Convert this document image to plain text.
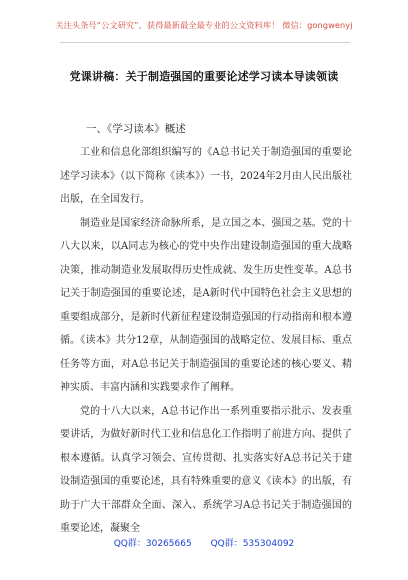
关注头条号“公文研究”，获得最新最全最专业的公文资料库！ 微信：gongwenyj
党课讲稿：关于制造强国的重要论述学习读本导读领读
一、《学习读本》概述

工业和信息化部组织编写的《A总书记关于制造强国的重要论述学习读本》（以下简称《读本》）一书，2024年2月由人民出版社出版，在全国发行。

制造业是国家经济命脉所系，是立国之本、强国之基。党的十八大以来，以A同志为核心的党中央作出建设制造强国的重大战略决策，推动制造业发展取得历史性成就、发生历史性变革。A总书记关于制造强国的重要论述，是A新时代中国特色社会主义思想的重要组成部分，是新时代新征程建设制造强国的行动指南和根本遵循。《读本》共分12章，从制造强国的战略定位、发展目标、重点任务等方面，对A总书记关于制造强国的重要论述的核心要义、精神实质、丰富内涵和实践要求作了阐释。

党的十八大以来，A总书记作出一系列重要指示批示、发表重要讲话，为做好新时代工业和信息化工作指明了前进方向、提供了根本遵循。认真学习领会、宣传贯彻、扎实落实好A总书记关于建设制造强国的重要论述，具有特殊重要的意义《读本》的出版，有助于广大干部群众全面、深入、系统学习A总书记关于制造强国的重要论述，凝聚全

QQ群：30265665 QQ群：535304092
